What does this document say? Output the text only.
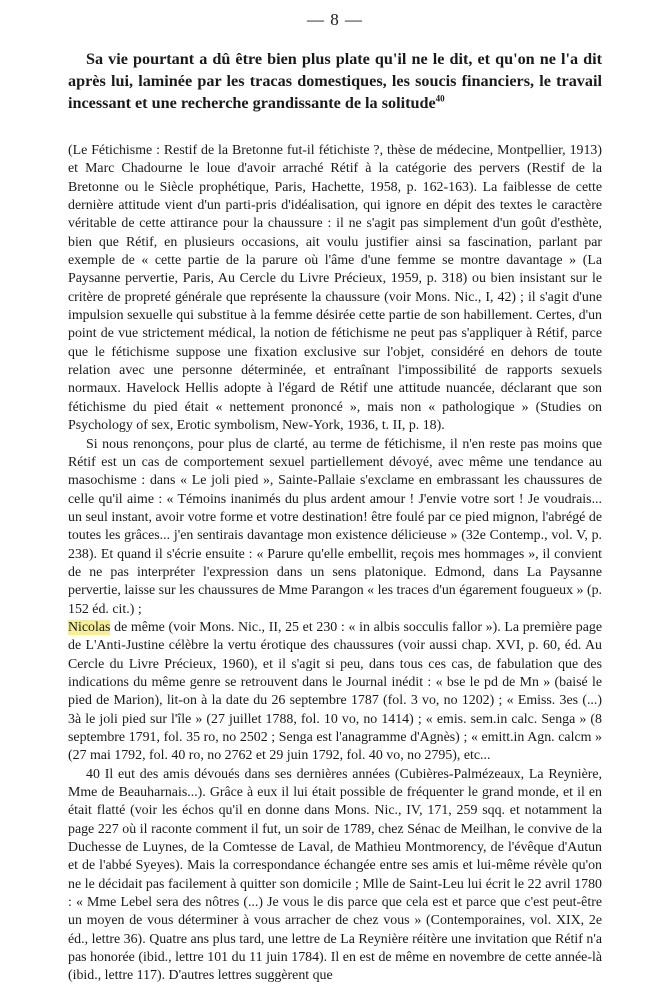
— 8 —

Sa vie pourtant a dû être bien plus plate qu'il ne le dit, et qu'on ne l'a dit après lui, laminée par les tracas domestiques, les soucis financiers, le travail incessant et une recherche grandissante de la solitude$^{40}$

(Le Fétichisme : Restif de la Bretonne fut-il fétichiste ?, thèse de médecine, Montpellier, 1913) et Marc Chadourne le loue d'avoir arraché Rétif à la catégorie des pervers (Restif de la Bretonne ou le Siècle prophétique, Paris, Hachette, 1958, p. 162-163). La faiblesse de cette dernière attitude vient d'un parti-pris d'idéalisation, qui ignore en dépit des textes le caractère véritable de cette attirance pour la chaussure : il ne s'agit pas simplement d'un goût d'esthète, bien que Rétif, en plusieurs occasions, ait voulu justifier ainsi sa fascination, parlant par exemple de « cette partie de la parure où l'âme d'une femme se montre davantage » (La Paysanne pervertie, Paris, Au Cercle du Livre Précieux, 1959, p. 318) ou bien insistant sur le critère de propreté générale que représente la chaussure (voir Mons. Nic., I, 42) ; il s'agit d'une impulsion sexuelle qui substitue à la femme désirée cette partie de son habillement. Certes, d'un point de vue strictement médical, la notion de fétichisme ne peut pas s'appliquer à Rétif, parce que le fétichisme suppose une fixation exclusive sur l'objet, considéré en dehors de toute relation avec une personne déterminée, et entraînant l'impossibilité de rapports sexuels normaux. Havelock Hellis adopte à l'égard de Rétif une attitude nuancée, déclarant que son fétichisme du pied était « nettement prononcé », mais non « pathologique » (Studies on Psychology of sex, Erotic symbolism, New-York, 1936, t. II, p. 18).

Si nous renonçons, pour plus de clarté, au terme de fétichisme, il n'en reste pas moins que Rétif est un cas de comportement sexuel partiellement dévoyé, avec même une tendance au masochisme : dans « Le joli pied », Sainte-Pallaie s'exclame en embrassant les chaussures de celle qu'il aime : « Témoins inanimés du plus ardent amour ! J'envie votre sort ! Je voudrais... un seul instant, avoir votre forme et votre destination! être foulé par ce pied mignon, l'abrégé de toutes les grâces... j'en sentirais davantage mon existence délicieuse » (32e Contemp., vol. V, p. 238). Et quand il s'écrie ensuite : « Parure qu'elle embellit, reçois mes hommages », il convient de ne pas interpréter l'expression dans un sens platonique. Edmond, dans La Paysanne pervertie, laisse sur les chaussures de Mme Parangon « les traces d'un égarement fougueux » (p. 152 éd. cit.) ;
Nicolas de même (voir Mons. Nic., II, 25 et 230 : « in albis socculis fallor »). La première page de L'Anti-Justine célèbre la vertu érotique des chaussures (voir aussi chap. XVI, p. 60, éd. Au Cercle du Livre Précieux, 1960), et il s'agit si peu, dans tous ces cas, de fabulation que des indications du même genre se retrouvent dans le Journal inédit : « bse le pd de Mn » (baisé le pied de Marion), lit-on à la date du 26 septembre 1787 (fol. 3 vo, no 1202) ; « Emiss. 3es (...) 3à le joli pied sur l'île » (27 juillet 1788, fol. 10 vo, no 1414) ; « emis. sem.in calc. Senga » (8 septembre 1791, fol. 35 ro, no 2502 ; Senga est l'anagramme d'Agnès) ; « emitt.in Agn. calcm » (27 mai 1792, fol. 40 ro, no 2762 et 29 juin 1792, fol. 40 vo, no 2795), etc...

40 Il eut des amis dévoués dans ses dernières années (Cubières-Palmézeaux, La Reynière, Mme de Beauharnais...). Grâce à eux il lui était possible de fréquenter le grand monde, et il en était flatté (voir les échos qu'il en donne dans Mons. Nic., IV, 171, 259 sqq. et notamment la page 227 où il raconte comment il fut, un soir de 1789, chez Sénac de Meilhan, le convive de la Duchesse de Luynes, de la Comtesse de Laval, de Mathieu Montmorency, de l'évêque d'Autun et de l'abbé Syeyes). Mais la correspondance échangée entre ses amis et lui-même révèle qu'on ne le décidait pas facilement à quitter son domicile ; Mlle de Saint-Leu lui écrit le 22 avril 1780 : « Mme Lebel sera des nôtres (...) Je vous le dis parce que cela est et parce que c'est peut-être un moyen de vous déterminer à vous arracher de chez vous » (Contemporaines, vol. XIX, 2e éd., lettre 36). Quatre ans plus tard, une lettre de La Reynière réitère une invitation que Rétif n'a pas honorée (ibid., lettre 101 du 11 juin 1784). Il en est de même en novembre de cette année-là (ibid., lettre 117). D'autres lettres suggèrent que
